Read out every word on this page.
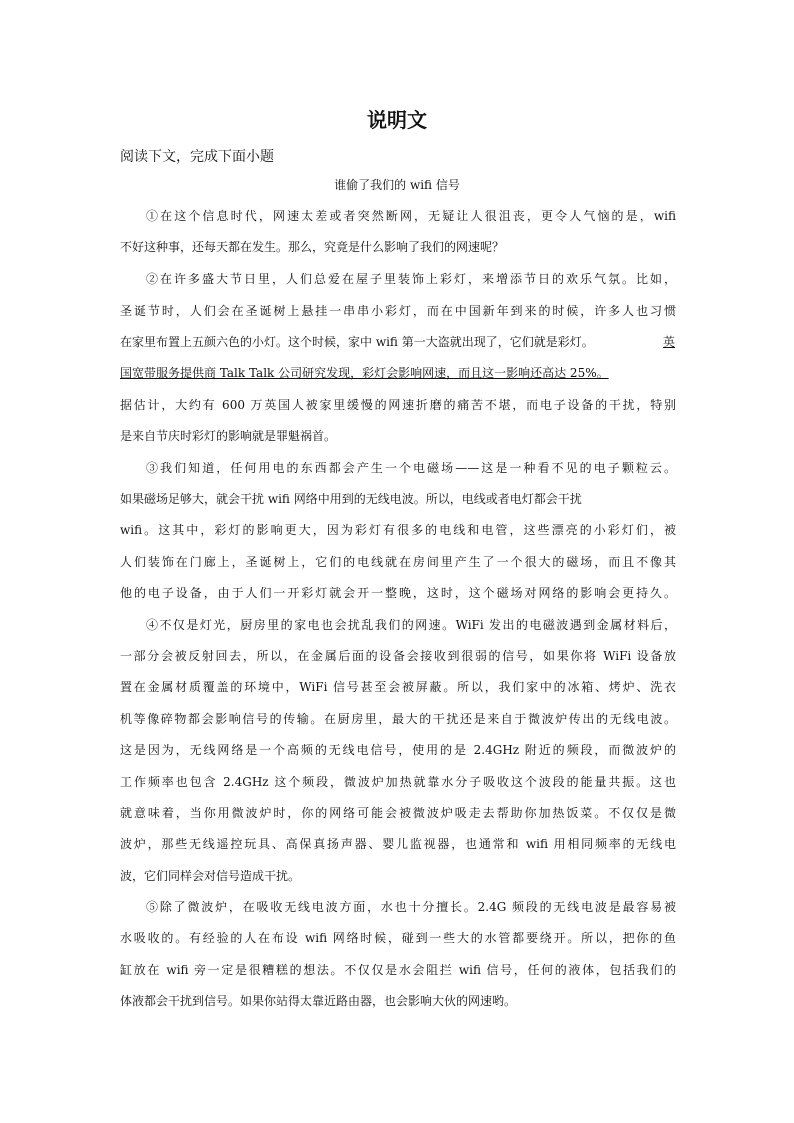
说明文
阅读下文，完成下面小题
谁偷了我们的 wifi 信号
①在这个信息时代，网速太差或者突然断网，无疑让人很沮丧，更令人气恼的是，wifi
不好这种事，还每天都在发生。那么，究竟是什么影响了我们的网速呢？
②在许多盛大节日里，人们总爱在屋子里装饰上彩灯，来增添节日的欢乐气氛。比如，
圣诞节时，人们会在圣诞树上悬挂一串串小彩灯，而在中国新年到来的时候，许多人也习惯
在家里布置上五颜六色的小灯。这个时候，家中 wifi 第一大盗就出现了，它们就是彩灯。	英
国宽带服务提供商 Talk Talk 公司研究发现，彩灯会影响网速，而且这一影响还高达 25%。
据估计，大约有 600 万英国人被家里缓慢的网速折磨的痛苦不堪，而电子设备的干扰，特别
是来自节庆时彩灯的影响就是罪魁祸首。
③我们知道，任何用电的东西都会产生一个电磁场——这是一种看不见的电子颗粒云。
如果磁场足够大，就会干扰 wifi 网络中用到的无线电波。所以，电线或者电灯都会干扰
wifi。这其中，彩灯的影响更大，因为彩灯有很多的电线和电管，这些漂亮的小彩灯们，被
人们装饰在门廊上，圣诞树上，它们的电线就在房间里产生了一个很大的磁场，而且不像其
他的电子设备，由于人们一开彩灯就会开一整晚，这时，这个磁场对网络的影响会更持久。
④不仅是灯光，厨房里的家电也会扰乱我们的网速。WiFi 发出的电磁波遇到金属材料后，
一部分会被反射回去，所以，在金属后面的设备会接收到很弱的信号，如果你将 WiFi 设备放
置在金属材质覆盖的环境中，WiFi 信号甚至会被屏蔽。所以，我们家中的冰箱、烤炉、洗衣
机等像碎物都会影响信号的传输。在厨房里，最大的干扰还是来自于微波炉传出的无线电波。
这是因为，无线网络是一个高频的无线电信号，使用的是 2.4GHz 附近的频段，而微波炉的
工作频率也包含 2.4GHz 这个频段，微波炉加热就靠水分子吸收这个波段的能量共振。这也
就意味着，当你用微波炉时，你的网络可能会被微波炉吸走去帮助你加热饭菜。不仅仅是微
波炉，那些无线遥控玩具、高保真扬声器、婴儿监视器，也通常和 wifi 用相同频率的无线电
波，它们同样会对信号造成干扰。
⑤除了微波炉，在吸收无线电波方面，水也十分擅长。2.4G 频段的无线电波是最容易被
水吸收的。有经验的人在布设 wifi 网络时候，碰到一些大的水管都要绕开。所以，把你的鱼
缸放在 wifi 旁一定是很糟糕的想法。不仅仅是水会阻拦 wifi 信号，任何的液体，包括我们的
体液都会干扰到信号。如果你站得太靠近路由器，也会影响大伙的网速哟。
